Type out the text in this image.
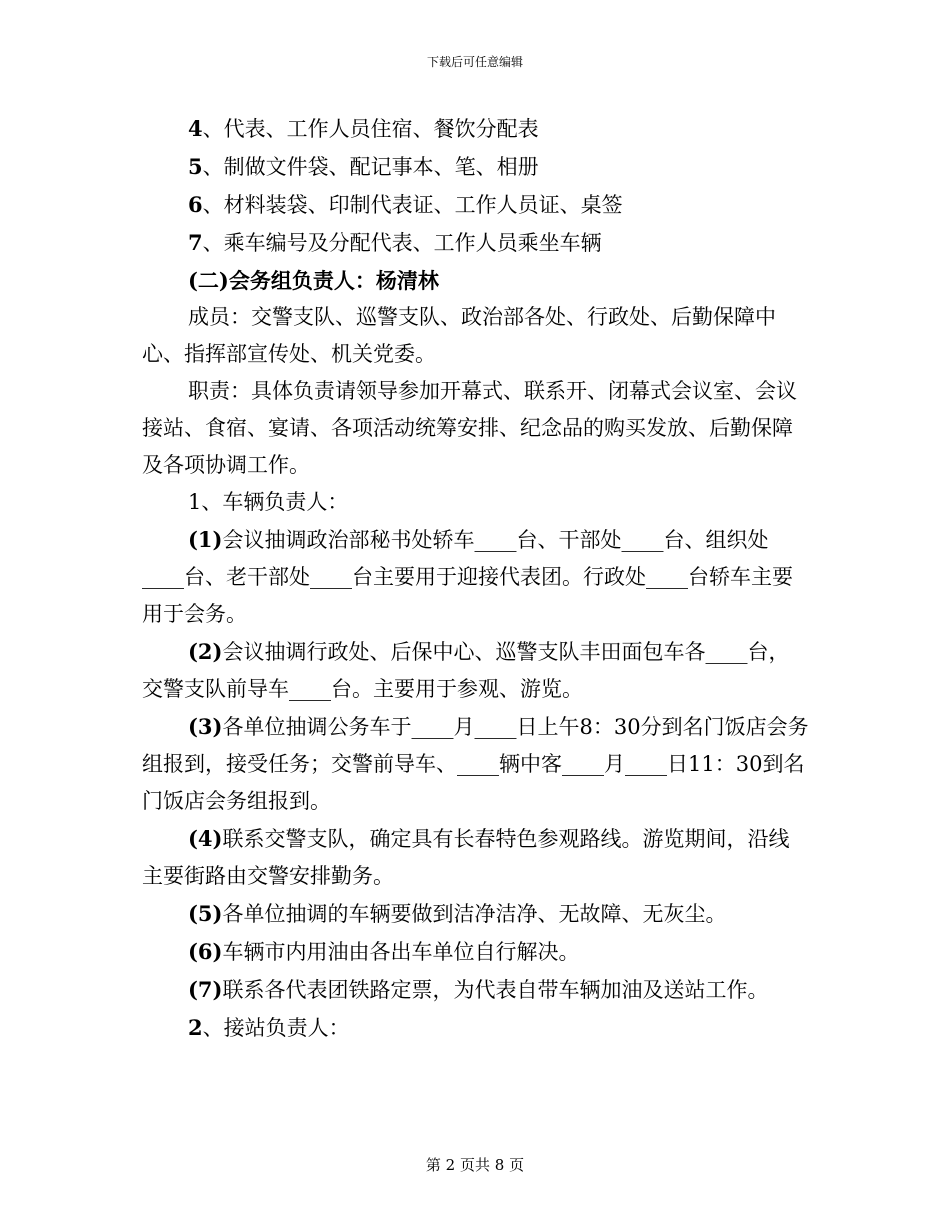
下载后可任意编辑

4、代表、工作人员住宿、餐饮分配表

5、制做文件袋、配记事本、笔、相册

6、材料装袋、印制代表证、工作人员证、桌签

7、乘车编号及分配代表、工作人员乘坐车辆

(二)会务组负责人：杨清林

成员：交警支队、巡警支队、政治部各处、行政处、后勤保障中心、指挥部宣传处、机关党委。

职责：具体负责请领导参加开幕式、联系开、闭幕式会议室、会议接站、食宿、宴请、各项活动统筹安排、纪念品的购买发放、后勤保障及各项协调工作。

1、车辆负责人：

(1)会议抽调政治部秘书处轿车____台、干部处____台、组织处____台、老干部处____台主要用于迎接代表团。行政处____台轿车主要用于会务。

(2)会议抽调行政处、后保中心、巡警支队丰田面包车各____台，交警支队前导车____台。主要用于参观、游览。

(3)各单位抽调公务车于____月____日上午8：30分到名门饭店会务组报到，接受任务；交警前导车、____辆中客____月____日11：30到名门饭店会务组报到。

(4)联系交警支队，确定具有长春特色参观路线。游览期间，沿线主要街路由交警安排勤务。

(5)各单位抽调的车辆要做到洁净洁净、无故障、无灰尘。

(6)车辆市内用油由各出车单位自行解决。

(7)联系各代表团铁路定票，为代表自带车辆加油及送站工作。

2、接站负责人：

第 2 页共 8 页
